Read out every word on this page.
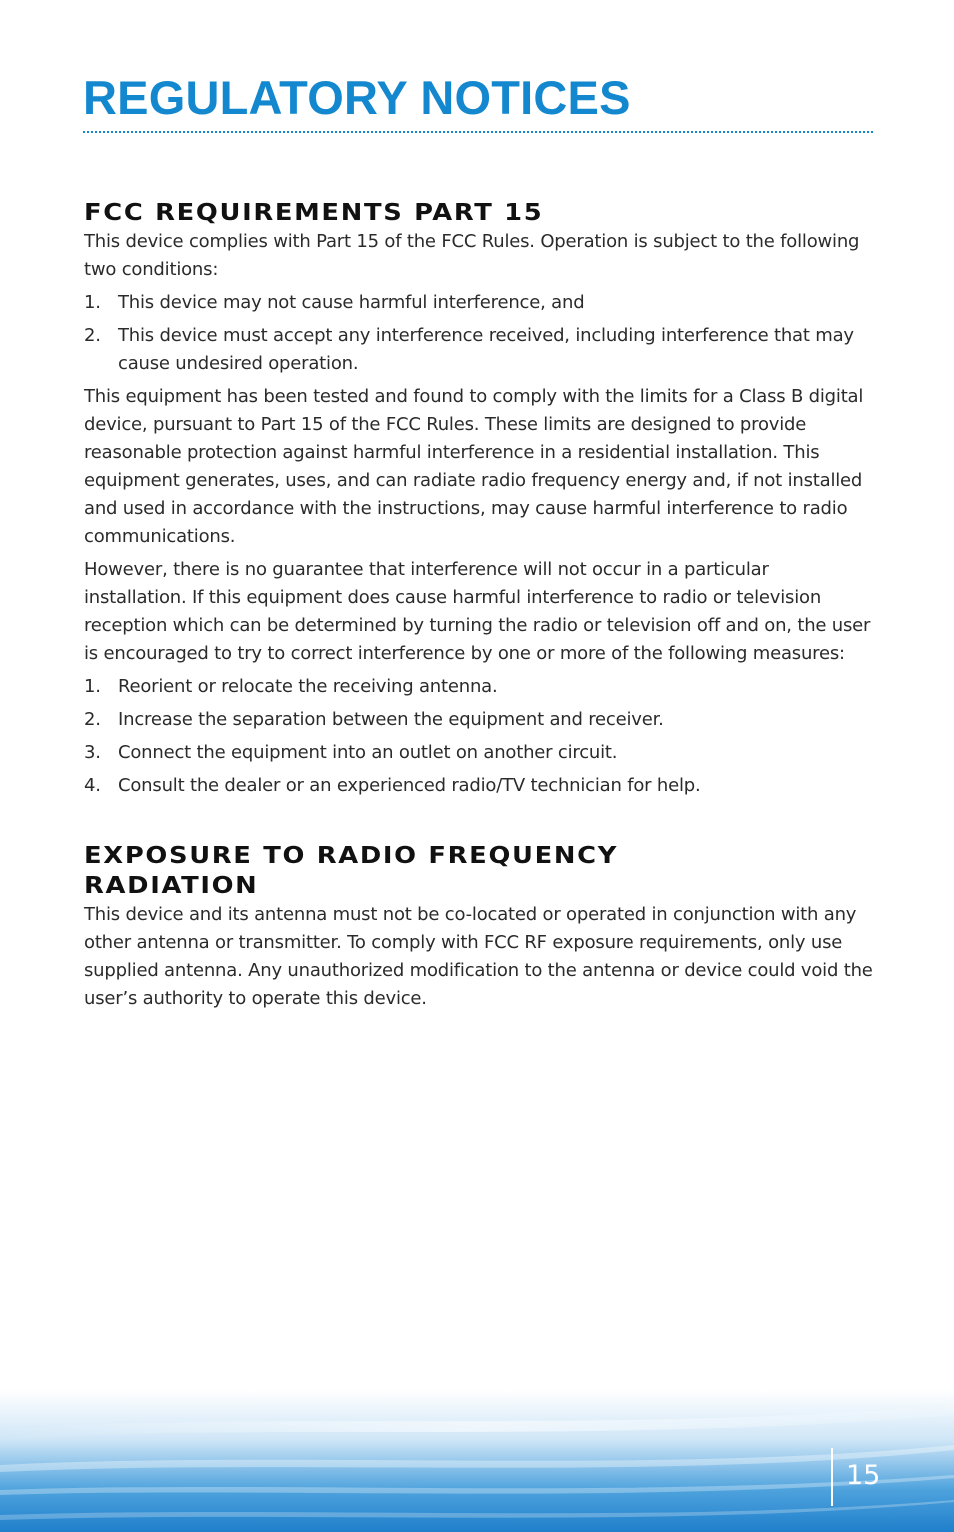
REGULATORY NOTICES
FCC REQUIREMENTS PART 15

This device complies with Part 15 of the FCC Rules. Operation is subject to the following two conditions:

1. This device may not cause harmful interference, and
2. This device must accept any interference received, including interference that may cause undesired operation.

This equipment has been tested and found to comply with the limits for a Class B digital device, pursuant to Part 15 of the FCC Rules. These limits are designed to provide reasonable protection against harmful interference in a residential installation. This equipment generates, uses, and can radiate radio frequency energy and, if not installed and used in accordance with the instructions, may cause harmful interference to radio communications.

However, there is no guarantee that interference will not occur in a particular installation. If this equipment does cause harmful interference to radio or television reception which can be determined by turning the radio or television off and on, the user is encouraged to try to correct interference by one or more of the following measures:

1. Reorient or relocate the receiving antenna.
2. Increase the separation between the equipment and receiver.
3. Connect the equipment into an outlet on another circuit.
4. Consult the dealer or an experienced radio/TV technician for help.
EXPOSURE TO RADIO FREQUENCY
RADIATION

This device and its antenna must not be co-located or operated in conjunction with any other antenna or transmitter. To comply with FCC RF exposure requirements, only use supplied antenna. Any unauthorized modification to the antenna or device could void the user’s authority to operate this device.

15
